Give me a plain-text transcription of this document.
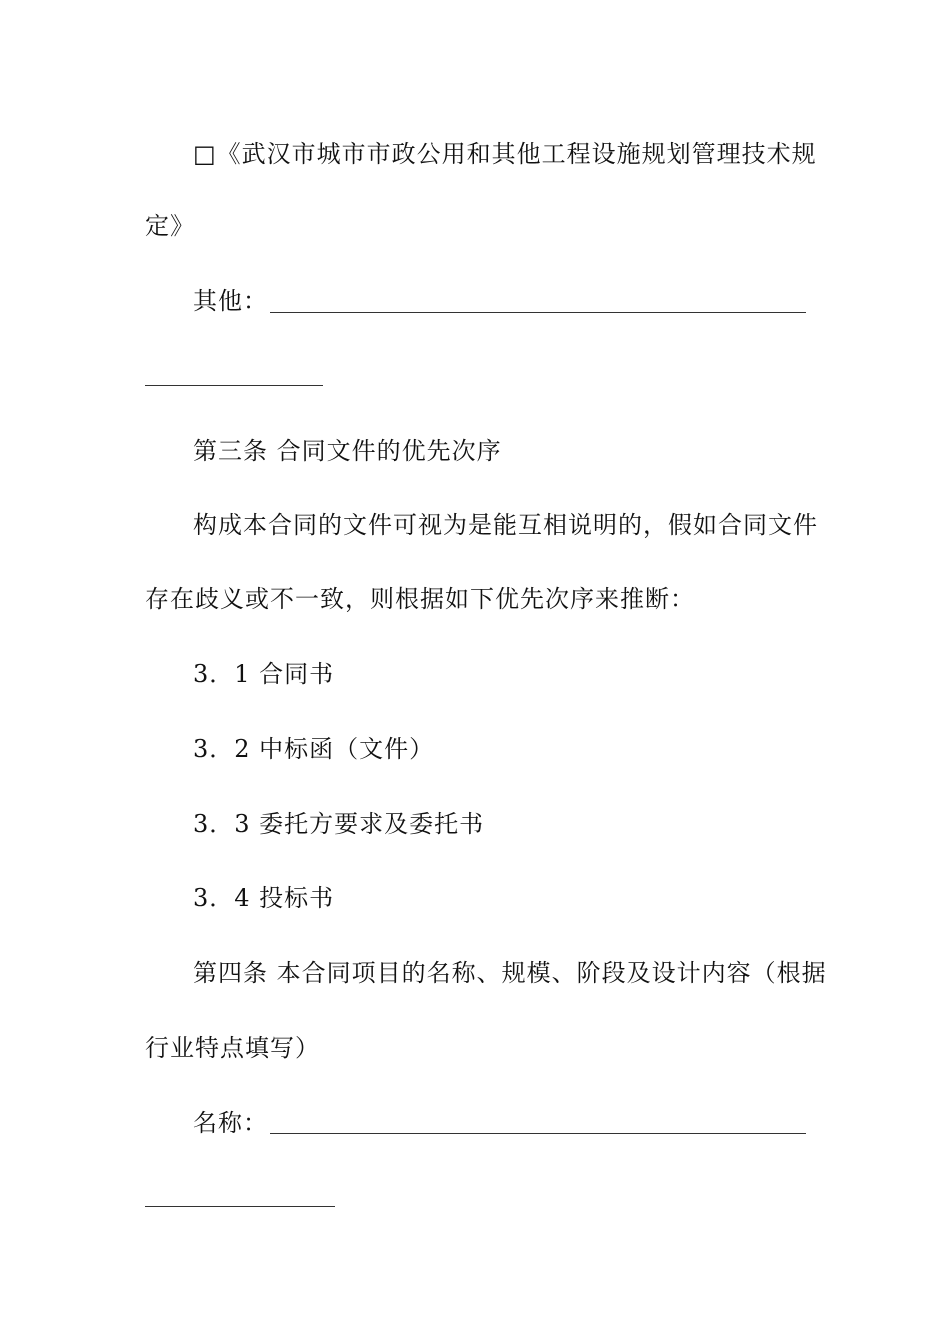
□《武汉市城市市政公用和其他工程设施规划管理技术规
定》
其他：
第三条 合同文件的优先次序
构成本合同的文件可视为是能互相说明的，假如合同文件
存在歧义或不一致，则根据如下优先次序来推断：
3．1 合同书
3．2 中标函（文件）
3．3 委托方要求及委托书
3．4 投标书
第四条 本合同项目的名称、规模、阶段及设计内容（根据
行业特点填写）
名称：
